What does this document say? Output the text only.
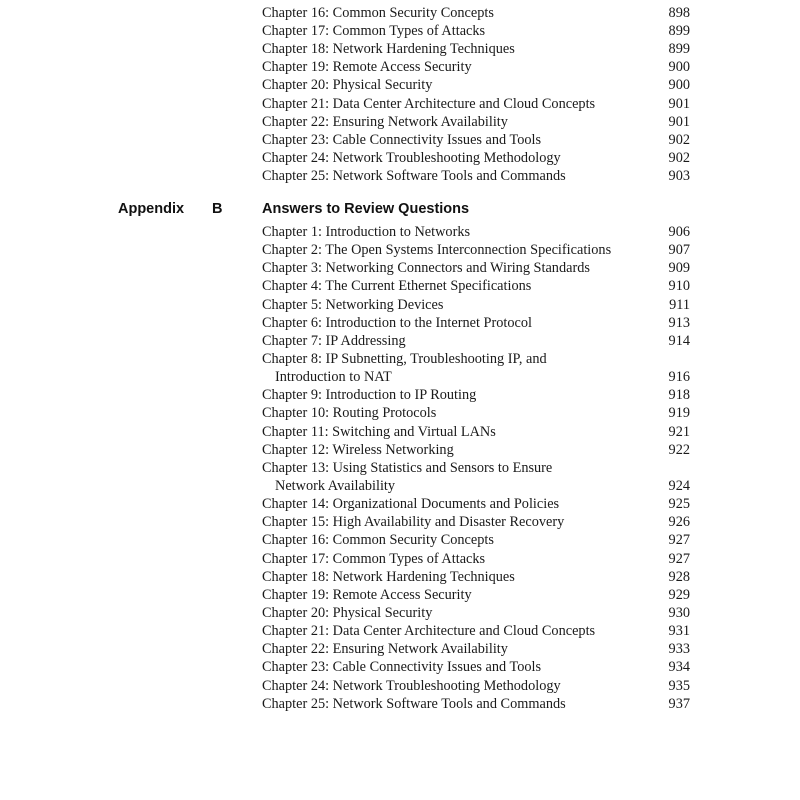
Chapter 16: Common Security Concepts	898
Chapter 17: Common Types of Attacks	899
Chapter 18: Network Hardening Techniques	899
Chapter 19: Remote Access Security	900
Chapter 20: Physical Security	900
Chapter 21: Data Center Architecture and Cloud Concepts	901
Chapter 22: Ensuring Network Availability	901
Chapter 23: Cable Connectivity Issues and Tools	902
Chapter 24: Network Troubleshooting Methodology	902
Chapter 25: Network Software Tools and Commands	903
Appendix B	Answers to Review Questions
Chapter 1: Introduction to Networks	906
Chapter 2: The Open Systems Interconnection Specifications	907
Chapter 3: Networking Connectors and Wiring Standards	909
Chapter 4: The Current Ethernet Specifications	910
Chapter 5: Networking Devices	911
Chapter 6: Introduction to the Internet Protocol	913
Chapter 7: IP Addressing	914
Chapter 8: IP Subnetting, Troubleshooting IP, and
Introduction to NAT	916
Chapter 9: Introduction to IP Routing	918
Chapter 10: Routing Protocols	919
Chapter 11: Switching and Virtual LANs	921
Chapter 12: Wireless Networking	922
Chapter 13: Using Statistics and Sensors to Ensure
Network Availability	924
Chapter 14: Organizational Documents and Policies	925
Chapter 15: High Availability and Disaster Recovery	926
Chapter 16: Common Security Concepts	927
Chapter 17: Common Types of Attacks	927
Chapter 18: Network Hardening Techniques	928
Chapter 19: Remote Access Security	929
Chapter 20: Physical Security	930
Chapter 21: Data Center Architecture and Cloud Concepts	931
Chapter 22: Ensuring Network Availability	933
Chapter 23: Cable Connectivity Issues and Tools	934
Chapter 24: Network Troubleshooting Methodology	935
Chapter 25: Network Software Tools and Commands	937
